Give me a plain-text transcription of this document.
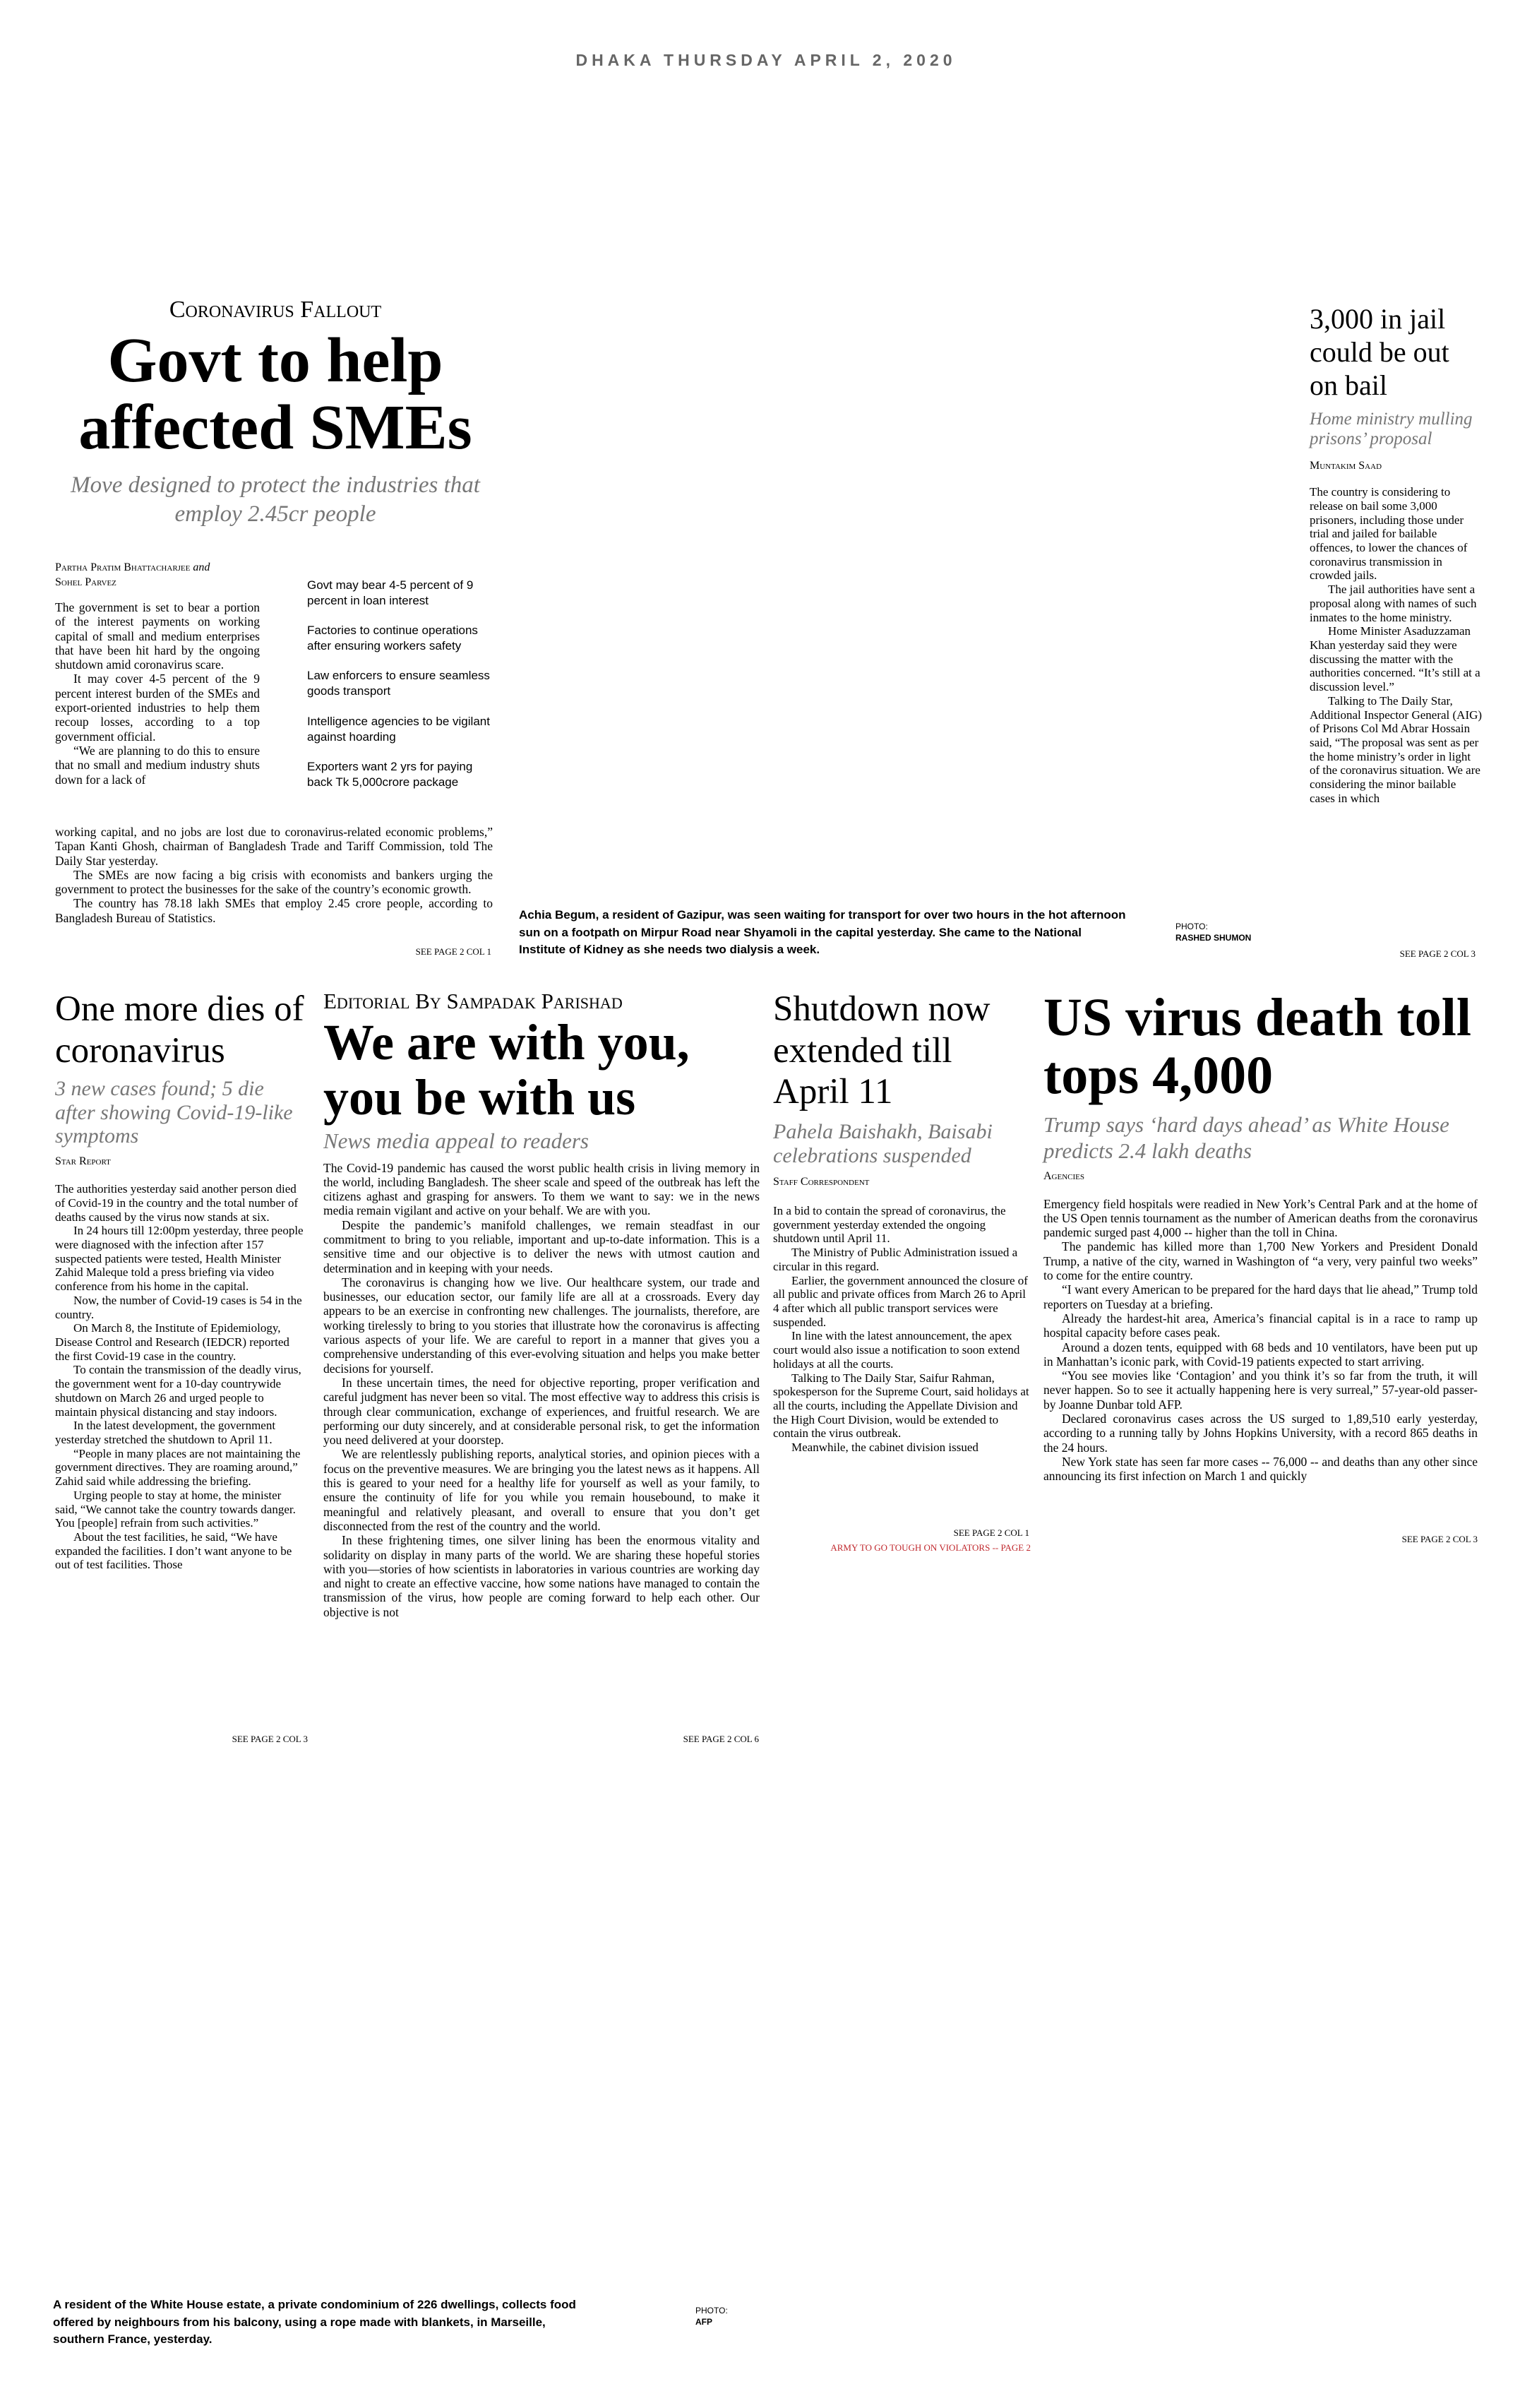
DHAKA THURSDAY APRIL 2, 2020
Coronavirus Fallout
Govt to help affected SMEs
Move designed to protect the industries that employ 2.45cr people
Partha Pratim Bhattacharjee and
Sohel Parvez

The government is set to bear a portion of the interest payments on working capital of small and medium enterprises that have been hit hard by the ongoing shutdown amid coronavirus scare.

It may cover 4-5 percent of the 9 percent interest burden of the SMEs and export-oriented industries to help them recoup losses, according to a top government official.

“We are planning to do this to ensure that no small and medium industry shuts down for a lack of

Govt may bear 4-5 percent of 9 percent in loan interest
Factories to continue operations after ensuring workers safety
Law enforcers to ensure seamless goods transport
Intelligence agencies to be vigilant against hoarding
Exporters want 2 yrs for paying back Tk 5,000crore package

working capital, and no jobs are lost due to coronavirus-related economic problems,” Tapan Kanti Ghosh, chairman of Bangladesh Trade and Tariff Commission, told The Daily Star yesterday.

The SMEs are now facing a big crisis with economists and bankers urging the government to protect the businesses for the sake of the country’s economic growth.

The country has 78.18 lakh SMEs that employ 2.45 crore people, according to Bangladesh Bureau of Statistics.

SEE PAGE 2 COL 1
Achia Begum, a resident of Gazipur, was seen waiting for transport for over two hours in the hot afternoon sun on a footpath on Mirpur Road near Shyamoli in the capital yesterday. She came to the National Institute of Kidney as she needs two dialysis a week.
PHOTO:
RASHED SHUMON
3,000 in jail could be out on bail
Home ministry mulling prisons’ proposal
Muntakim Saad

The country is considering to release on bail some 3,000 prisoners, including those under trial and jailed for bailable offences, to lower the chances of coronavirus transmission in crowded jails.

The jail authorities have sent a proposal along with names of such inmates to the home ministry.

Home Minister Asaduzzaman Khan yesterday said they were discussing the matter with the authorities concerned. “It’s still at a discussion level.”

Talking to The Daily Star, Additional Inspector General (AIG) of Prisons Col Md Abrar Hossain said, “The proposal was sent as per the home ministry’s order in light of the coronavirus situation. We are considering the minor bailable cases in which

SEE PAGE 2 COL 3
One more dies of coronavirus
3 new cases found; 5 die after showing Covid-19-like symptoms
Star Report

The authorities yesterday said another person died of Covid-19 in the country and the total number of deaths caused by the virus now stands at six.

In 24 hours till 12:00pm yesterday, three people were diagnosed with the infection after 157 suspected patients were tested, Health Minister Zahid Maleque told a press briefing via video conference from his home in the capital.

Now, the number of Covid-19 cases is 54 in the country.

On March 8, the Institute of Epidemiology, Disease Control and Research (IEDCR) reported the first Covid-19 case in the country.

To contain the transmission of the deadly virus, the government went for a 10-day countrywide shutdown on March 26 and urged people to maintain physical distancing and stay indoors.

In the latest development, the government yesterday stretched the shutdown to April 11.

“People in many places are not maintaining the government directives. They are roaming around,” Zahid said while addressing the briefing.

Urging people to stay at home, the minister said, “We cannot take the country towards danger. You [people] refrain from such activities.”

About the test facilities, he said, “We have expanded the facilities. I don’t want anyone to be out of test facilities. Those

SEE PAGE 2 COL 3
Editorial By Sampadak Parishad
We are with you, you be with us
News media appeal to readers

The Covid-19 pandemic has caused the worst public health crisis in living memory in the world, including Bangladesh. The sheer scale and speed of the outbreak has left the citizens aghast and grasping for answers. To them we want to say: we in the news media remain vigilant and active on your behalf. We are with you.

Despite the pandemic’s manifold challenges, we remain steadfast in our commitment to bring to you reliable, important and up-to-date information. This is a sensitive time and our objective is to deliver the news with utmost caution and determination and in keeping with your needs.

The coronavirus is changing how we live. Our healthcare system, our trade and businesses, our education sector, our family life are all at a crossroads. Every day appears to be an exercise in confronting new challenges. The journalists, therefore, are working tirelessly to bring to you stories that illustrate how the coronavirus is affecting various aspects of your life. We are careful to report in a manner that gives you a comprehensive understanding of this ever-evolving situation and helps you make better decisions for yourself.

In these uncertain times, the need for objective reporting, proper verification and careful judgment has never been so vital. The most effective way to address this crisis is through clear communication, exchange of experiences, and fruitful research. We are performing our duty sincerely, and at considerable personal risk, to get the information you need delivered at your doorstep.

We are relentlessly publishing reports, analytical stories, and opinion pieces with a focus on the preventive measures. We are bringing you the latest news as it happens. All this is geared to your need for a healthy life for yourself as well as your family, to ensure the continuity of life for you while you remain housebound, to make it meaningful and relatively pleasant, and overall to ensure that you don’t get disconnected from the rest of the country and the world.

In these frightening times, one silver lining has been the enormous vitality and solidarity on display in many parts of the world. We are sharing these hopeful stories with you—stories of how scientists in laboratories in various countries are working day and night to create an effective vaccine, how some nations have managed to contain the transmission of the virus, how people are coming forward to help each other. Our objective is not

SEE PAGE 2 COL 6
Shutdown now extended till April 11
Pahela Baishakh, Baisabi celebrations suspended
Staff Correspondent

In a bid to contain the spread of coronavirus, the government yesterday extended the ongoing shutdown until April 11.

The Ministry of Public Administration issued a circular in this regard.

Earlier, the government announced the closure of all public and private offices from March 26 to April 4 after which all public transport services were suspended.

In line with the latest announcement, the apex court would also issue a notification to soon extend holidays at all the courts.

Talking to The Daily Star, Saifur Rahman, spokesperson for the Supreme Court, said holidays at all the courts, including the Appellate Division and the High Court Division, would be extended to contain the virus outbreak.

Meanwhile, the cabinet division issued

SEE PAGE 2 COL 1
ARMY TO GO TOUGH ON VIOLATORS -- PAGE 2
US virus death toll tops 4,000
Trump says ‘hard days ahead’ as White House predicts 2.4 lakh deaths
Agencies

Emergency field hospitals were readied in New York’s Central Park and at the home of the US Open tennis tournament as the number of American deaths from the coronavirus pandemic surged past 4,000 -- higher than the toll in China.

The pandemic has killed more than 1,700 New Yorkers and President Donald Trump, a native of the city, warned in Washington of “a very, very painful two weeks” to come for the entire country.

“I want every American to be prepared for the hard days that lie ahead,” Trump told reporters on Tuesday at a briefing.

Already the hardest-hit area, America’s financial capital is in a race to ramp up hospital capacity before cases peak.

Around a dozen tents, equipped with 68 beds and 10 ventilators, have been put up in Manhattan’s iconic park, with Covid-19 patients expected to start arriving.

“You see movies like ‘Contagion’ and you think it’s so far from the truth, it will never happen. So to see it actually happening here is very surreal,” 57-year-old passer-by Joanne Dunbar told AFP.

Declared coronavirus cases across the US surged to 1,89,510 early yesterday, according to a running tally by Johns Hopkins University, with a record 865 deaths in the 24 hours.

New York state has seen far more cases -- 76,000 -- and deaths than any other since announcing its first infection on March 1 and quickly

SEE PAGE 2 COL 3
A resident of the White House estate, a private condominium of 226 dwellings, collects food offered by neighbours from his balcony, using a rope made with blankets, in Marseille, southern France, yesterday.
PHOTO:
AFP
